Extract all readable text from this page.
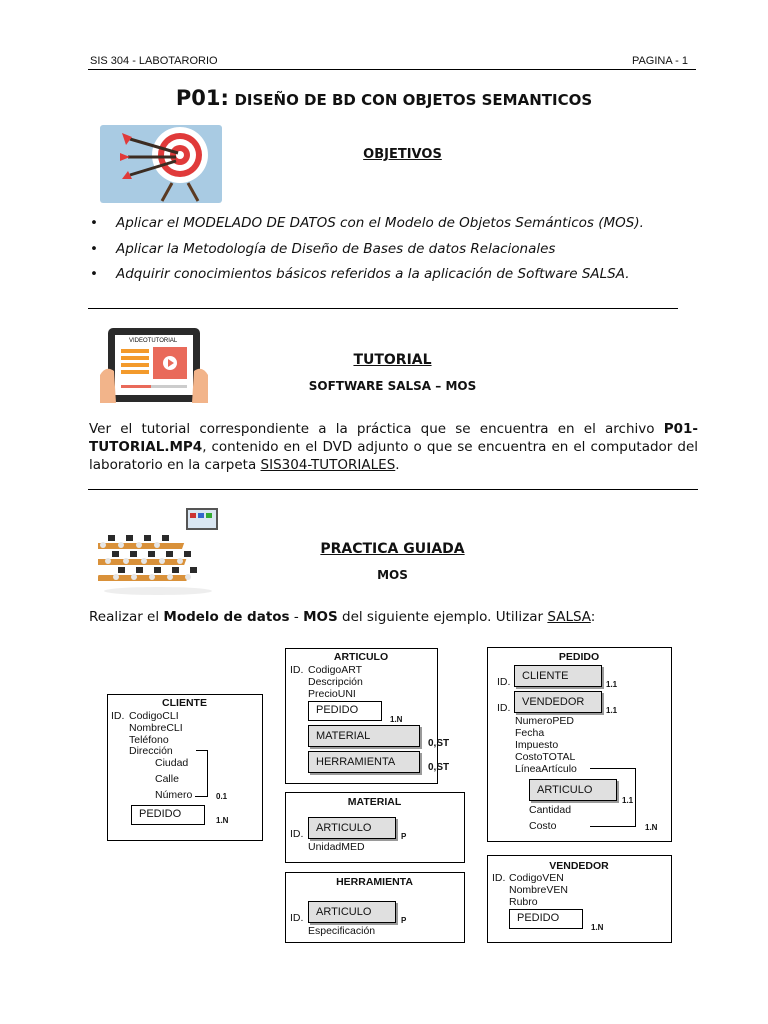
SIS 304 - LABOTARORIO	PAGINA - 1
P01: DISEÑO DE BD CON OBJETOS SEMANTICOS
OBJETIVOS
• Aplicar el MODELADO DE DATOS con el Modelo de Objetos Semánticos (MOS).
• Aplicar la Metodología de Diseño de Bases de datos Relacionales
• Adquirir conocimientos básicos referidos a la aplicación de Software SALSA.
VIDEOTUTORIAL
TUTORIAL
SOFTWARE SALSA – MOS
Ver el tutorial correspondiente a la práctica que se encuentra en el archivo P01-TUTORIAL.MP4, contenido en el DVD adjunto o que se encuentra en el computador del laboratorio en la carpeta SIS304-TUTORIALES.
PRACTICA GUIADA
MOS
Realizar el Modelo de datos - MOS del siguiente ejemplo. Utilizar SALSA:
CLIENTE
ID. CodigoCLI
NombreCLI
Teléfono
Dirección
Ciudad
Calle
Número	0.1
PEDIDO
1.N
ARTICULO
ID. CodigoART
Descripción
PrecioUNI
PEDIDO
1.N
MATERIAL
0,ST
HERRAMIENTA	0,ST
MATERIAL
ID.	ARTICULO
P
UnidadMED
HERRAMIENTA
ID.	ARTICULO
P
Especificación
PEDIDO
ID.	CLIENTE
1.1
ID.	VENDEDOR
1.1
NumeroPED
Fecha
Impuesto
CostoTOTAL
LíneaArtículo
ARTICULO
1.1
Cantidad
Costo	1.N
VENDEDOR
ID. CodigoVEN
NombreVEN
Rubro
PEDIDO
1.N
